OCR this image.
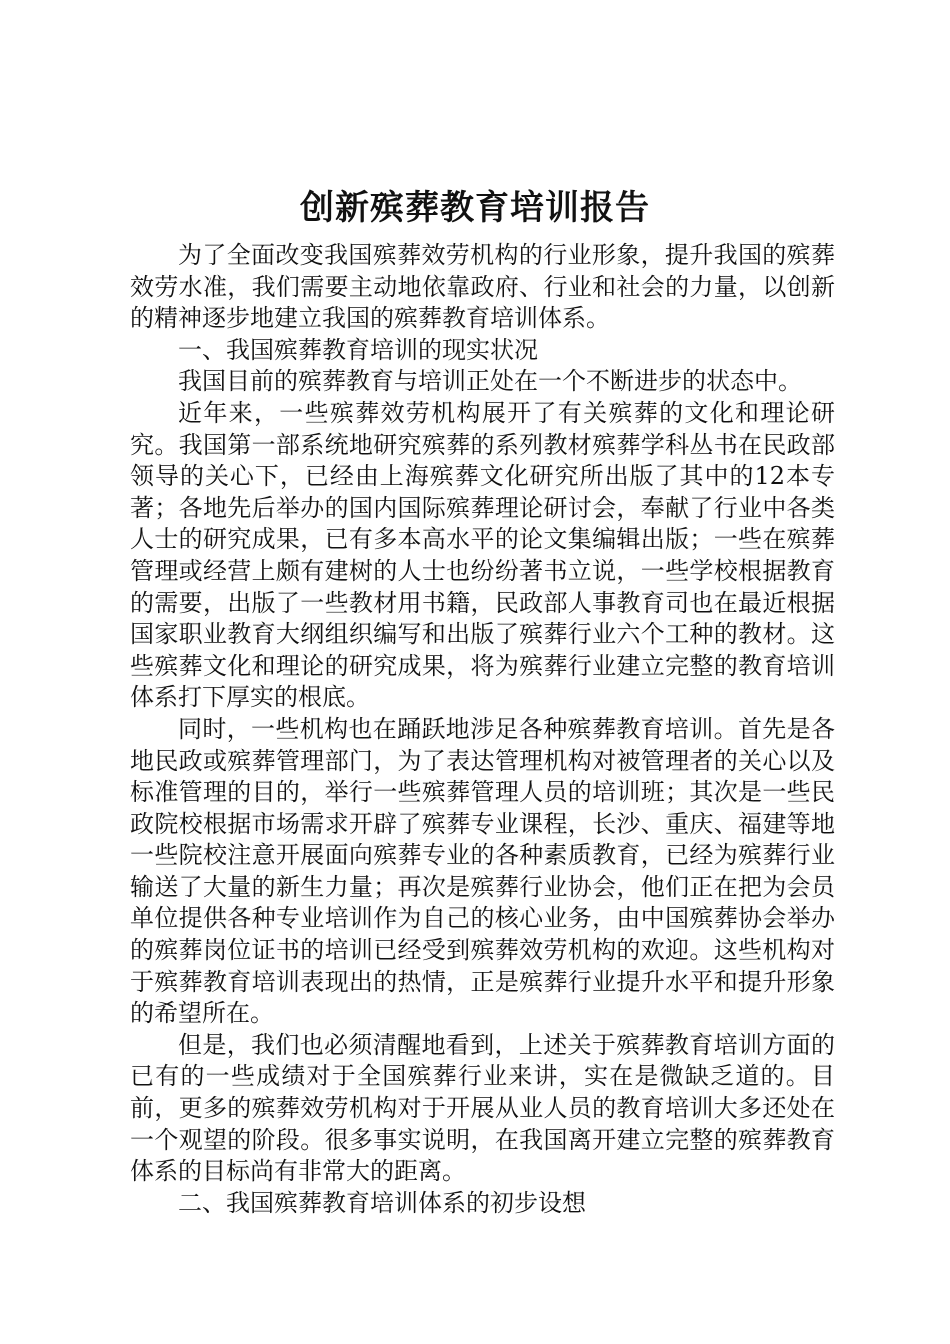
创新殡葬教育培训报告

为了全面改变我国殡葬效劳机构的行业形象，提升我国的殡葬效劳水准，我们需要主动地依靠政府、行业和社会的力量，以创新的精神逐步地建立我国的殡葬教育培训体系。

一、我国殡葬教育培训的现实状况

我国目前的殡葬教育与培训正处在一个不断进步的状态中。

近年来，一些殡葬效劳机构展开了有关殡葬的文化和理论研究。我国第一部系统地研究殡葬的系列教材殡葬学科丛书在民政部领导的关心下，已经由上海殡葬文化研究所出版了其中的12本专著；各地先后举办的国内国际殡葬理论研讨会，奉献了行业中各类人士的研究成果，已有多本高水平的论文集编辑出版；一些在殡葬管理或经营上颇有建树的人士也纷纷著书立说，一些学校根据教育的需要，出版了一些教材用书籍，民政部人事教育司也在最近根据国家职业教育大纲组织编写和出版了殡葬行业六个工种的教材。这些殡葬文化和理论的研究成果，将为殡葬行业建立完整的教育培训体系打下厚实的根底。

同时，一些机构也在踊跃地涉足各种殡葬教育培训。首先是各地民政或殡葬管理部门，为了表达管理机构对被管理者的关心以及标准管理的目的，举行一些殡葬管理人员的培训班；其次是一些民政院校根据市场需求开辟了殡葬专业课程，长沙、重庆、福建等地一些院校注意开展面向殡葬专业的各种素质教育，已经为殡葬行业输送了大量的新生力量；再次是殡葬行业协会，他们正在把为会员单位提供各种专业培训作为自己的核心业务，由中国殡葬协会举办的殡葬岗位证书的培训已经受到殡葬效劳机构的欢迎。这些机构对于殡葬教育培训表现出的热情，正是殡葬行业提升水平和提升形象的希望所在。

但是，我们也必须清醒地看到，上述关于殡葬教育培训方面的已有的一些成绩对于全国殡葬行业来讲，实在是微缺乏道的。目前，更多的殡葬效劳机构对于开展从业人员的教育培训大多还处在一个观望的阶段。很多事实说明，在我国离开建立完整的殡葬教育体系的目标尚有非常大的距离。

二、我国殡葬教育培训体系的初步设想
